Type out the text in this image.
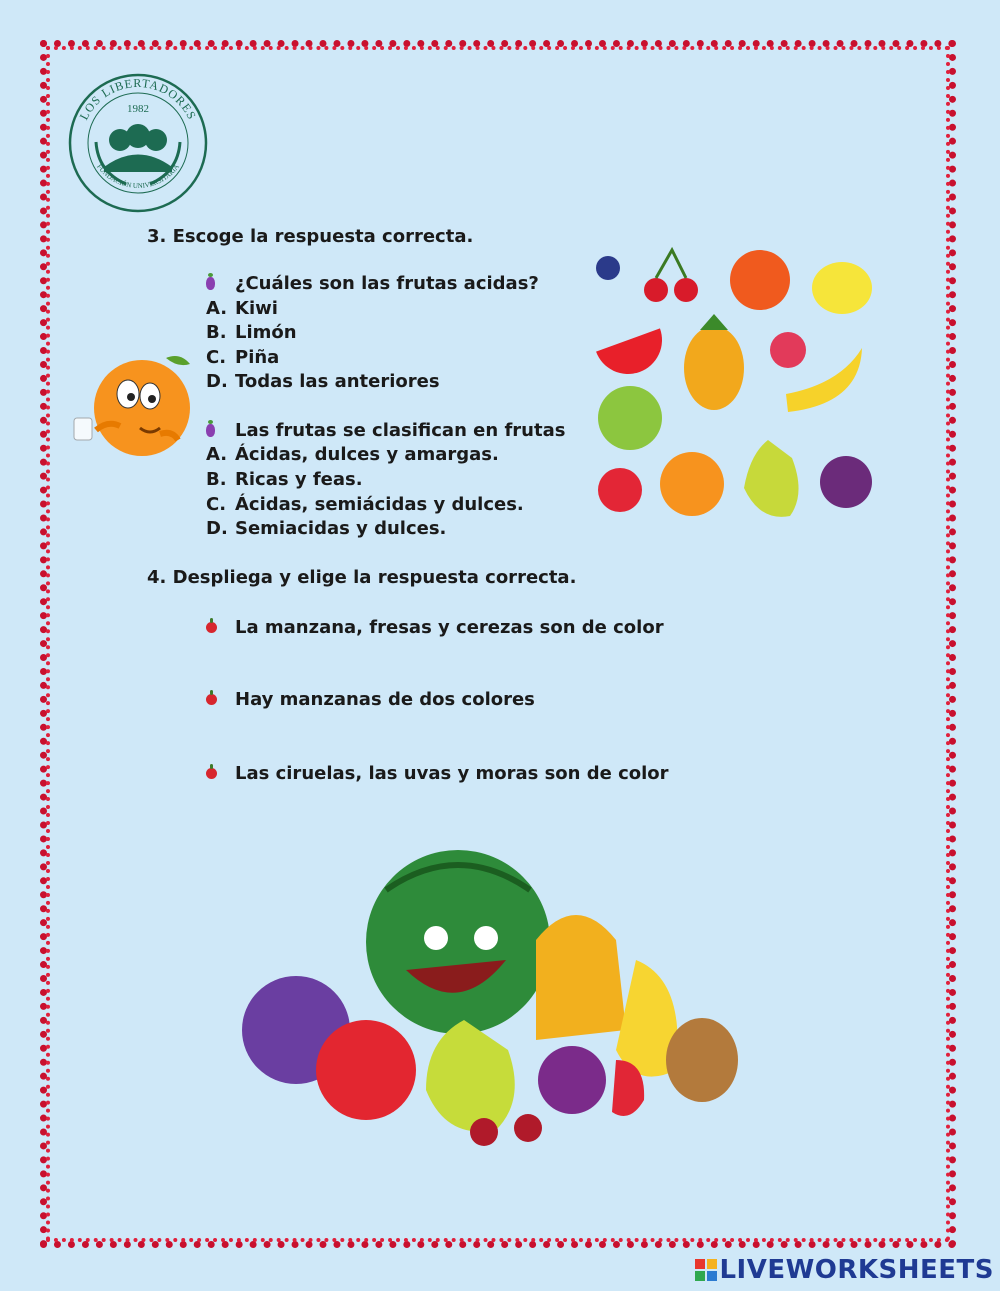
LOS LIBERTADORES
1982
FUNDACIÓN UNIVERSITARIA
3. Escoge la respuesta correcta.
¿Cuáles son las frutas acidas?
A. Kiwi
B. Limón
C. Piña
D. Todas las anteriores
Las frutas se clasifican en frutas
A. Ácidas, dulces y amargas.
B. Ricas y feas.
C. Ácidas, semiácidas y dulces.
D. Semiacidas y dulces.
4. Despliega y elige la respuesta correcta.
La manzana, fresas y cerezas son de color
Hay manzanas de dos colores
Las ciruelas, las uvas y moras son de color
LIVEWORKSHEETS
